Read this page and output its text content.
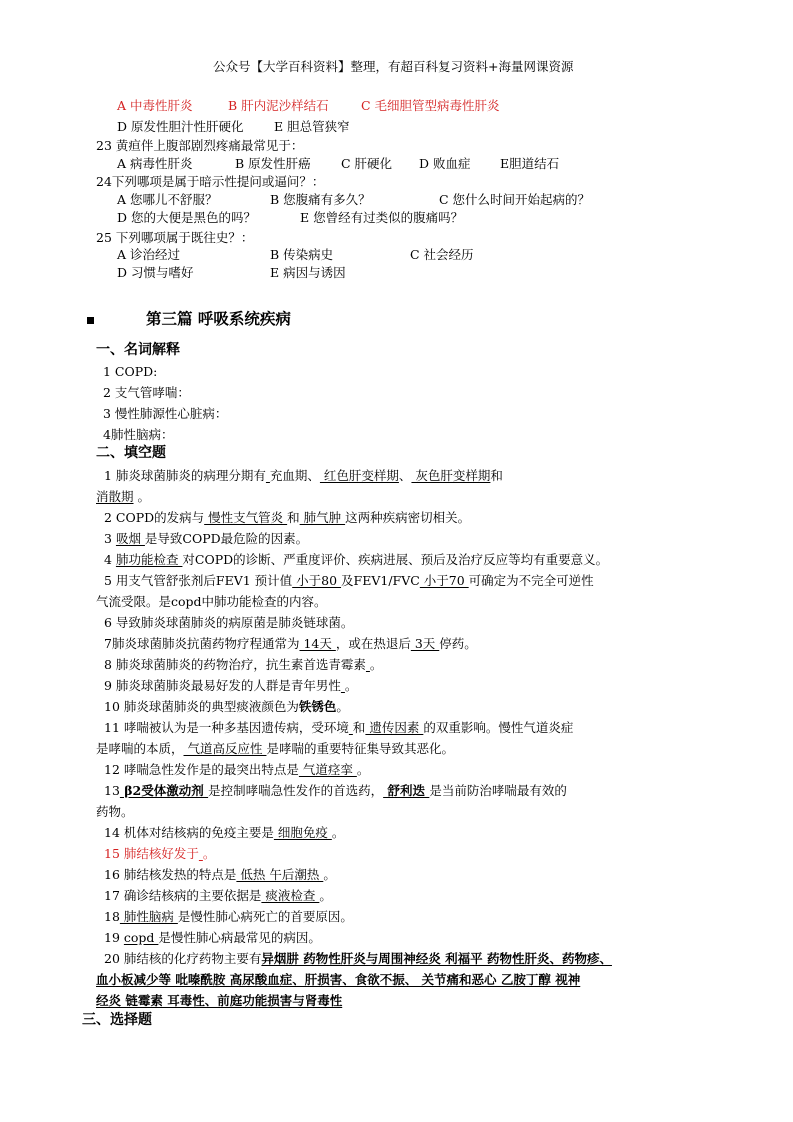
公众号【大学百科资料】整理，有超百科复习资料+海量网课资源
A 中毒性肝炎	B 肝内泥沙样结石	C 毛细胆管型病毒性肝炎
D 原发性胆汁性肝硬化 E 胆总管狭窄
23 黄疸伴上腹部剧烈疼痛最常见于：
A 病毒性肝炎	B 原发性肝癌 C 肝硬化 D 败血症 E胆道结石
24下列哪项是属于暗示性提问或逼问？：
A 您哪儿不舒服？	B 您腹痛有多久？	C 您什么时间开始起病的？
D 您的大便是黑色的吗？	E 您曾经有过类似的腹痛吗？
25 下列哪项属于既往史？：
A 诊治经过	B 传染病史	C 社会经历
D 习惯与嗜好	E 病因与诱因
第三篇 呼吸系统疾病
一、名词解释
1 COPD:
2 支气管哮喘：
3 慢性肺源性心脏病：
4肺性脑病：
二、填空题
1 肺炎球菌肺炎的病理分期有 充血期、 红色肝变样期、 灰色肝变样期和
消散期 。
2 COPD的发病与 慢性支气管炎 和 肺气肿 这两种疾病密切相关。
3 吸烟 是导致COPD最危险的因素。
4 肺功能检查 对COPD的诊断、严重度评价、疾病进展、预后及治疗反应等均有重要意义。
5 用支气管舒张剂后FEV1 预计值 小于80 及FEV1/FVC 小于70 可确定为不完全可逆性
气流受限。是copd中肺功能检查的内容。
6 导致肺炎球菌肺炎的病原菌是肺炎链球菌。
7肺炎球菌肺炎抗菌药物疗程通常为 14天 ，或在热退后 3天 停药。
8 肺炎球菌肺炎的药物治疗，抗生素首选青霉素 。
9 肺炎球菌肺炎最易好发的人群是青年男性 。
10 肺炎球菌肺炎的典型痰液颜色为铁锈色。
11 哮喘被认为是一种多基因遗传病，受环境 和 遗传因素 的双重影响。慢性气道炎症
是哮喘的本质， 气道高反应性 是哮喘的重要特征集导致其恶化。
12 哮喘急性发作是的最突出特点是 气道痉挛 。
13 β2受体激动剂 是控制哮喘急性发作的首选药， 舒利迭 是当前防治哮喘最有效的
药物。
14 机体对结核病的免疫主要是 细胞免疫 。
15 肺结核好发于 。
16 肺结核发热的特点是 低热 午后潮热 。
17 确诊结核病的主要依据是 痰液检查 。
18 肺性脑病 是慢性肺心病死亡的首要原因。
19 copd 是慢性肺心病最常见的病因。
20 肺结核的化疗药物主要有异烟肼 药物性肝炎与周围神经炎 利福平 药物性肝炎、药物疹、
血小板减少等 吡嗪酰胺 高尿酸血症、肝损害、食欲不振、 关节痛和恶心 乙胺丁醇 视神
经炎 链霉素 耳毒性、前庭功能损害与肾毒性
三、选择题
